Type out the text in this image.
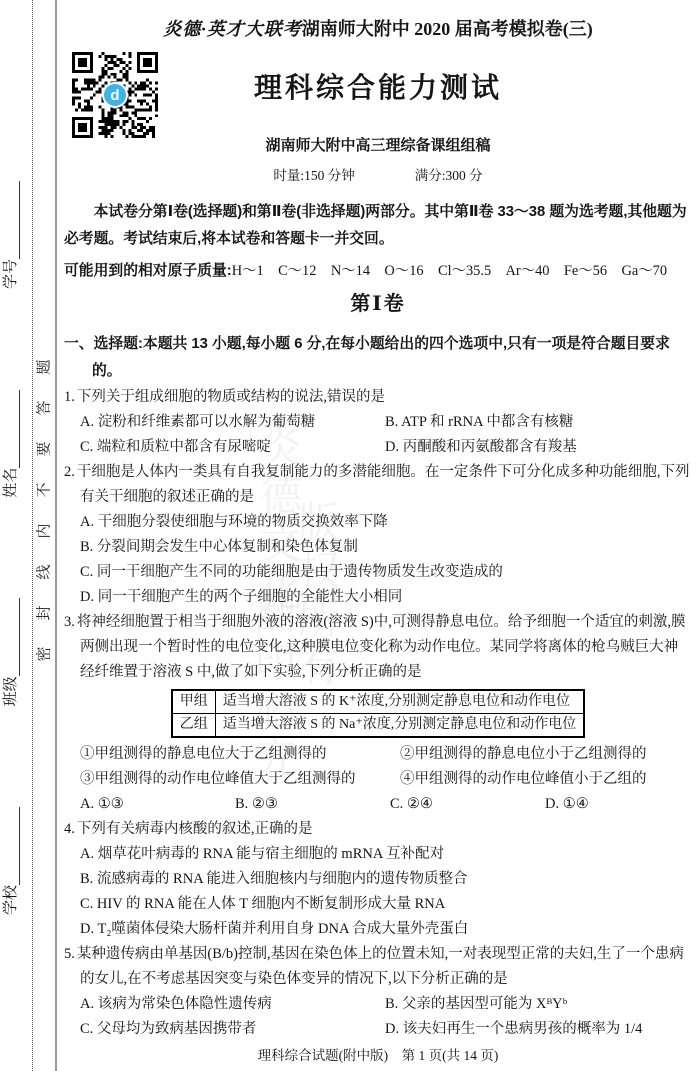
学校
班级
姓名
学号
密封线内不要答题	炎德文化
版权所有
翻印必究
炎德·英才大联考湖南师大附中 2020 届高考模拟卷(三)
d	理科综合能力测试
湖南师大附中高三理综备课组组稿
时量:150 分钟	满分:300 分

本试卷分第Ⅰ卷(选择题)和第Ⅱ卷(非选择题)两部分。其中第Ⅱ卷 33～38 题为选考题,其他题为必考题。考试结束后,将本试卷和答题卡一并交回。

可能用到的相对原子质量:H～1　C～12　N～14　O～16　Cl～35.5　Ar～40　Fe～56　Ga～70

第Ⅰ卷

一、选择题:本题共 13 小题,每小题 6 分,在每小题给出的四个选项中,只有一项是符合题目要求的。

1. 下列关于组成细胞的物质或结构的说法,错误的是

A. 淀粉和纤维素都可以水解为葡萄糖	B. ATP 和 rRNA 中都含有核糖
C. 端粒和质粒中都含有尿嘧啶	D. 丙酮酸和丙氨酸都含有羧基

2. 干细胞是人体内一类具有自我复制能力的多潜能细胞。在一定条件下可分化成多种功能细胞,下列有关干细胞的叙述正确的是

A. 干细胞分裂使细胞与环境的物质交换效率下降
B. 分裂间期会发生中心体复制和染色体复制
C. 同一干细胞产生不同的功能细胞是由于遗传物质发生改变造成的
D. 同一干细胞产生的两个子细胞的全能性大小相同

3. 将神经细胞置于相当于细胞外液的溶液(溶液 S)中,可测得静息电位。给予细胞一个适宜的刺激,膜两侧出现一个暂时性的电位变化,这种膜电位变化称为动作电位。某同学将离体的枪乌贼巨大神经纤维置于溶液 S 中,做了如下实验,下列分析正确的是

甲组	适当增大溶液 S 的 K⁺浓度,分别测定静息电位和动作电位
乙组	适当增大溶液 S 的 Na⁺浓度,分别测定静息电位和动作电位
①甲组测得的静息电位大于乙组测得的	②甲组测得的静息电位小于乙组测得的
③甲组测得的动作电位峰值大于乙组测得的	④甲组测得的动作电位峰值小于乙组的
A. ①③	B. ②③	C. ②④	D. ①④

4. 下列有关病毒内核酸的叙述,正确的是

A. 烟草花叶病毒的 RNA 能与宿主细胞的 mRNA 互补配对
B. 流感病毒的 RNA 能进入细胞核内与细胞内的遗传物质整合
C. HIV 的 RNA 能在人体 T 细胞内不断复制形成大量 RNA
D. T₂噬菌体侵染大肠杆菌并利用自身 DNA 合成大量外壳蛋白

5. 某种遗传病由单基因(B/b)控制,基因在染色体上的位置未知,一对表现型正常的夫妇,生了一个患病的女儿,在不考虑基因突变与染色体变异的情况下,以下分析正确的是

A. 该病为常染色体隐性遗传病	B. 父亲的基因型可能为 XᴮYᵇ
C. 父母均为致病基因携带者	D. 该夫妇再生一个患病男孩的概率为 1/4
理科综合试题(附中版)　第 1 页(共 14 页)
